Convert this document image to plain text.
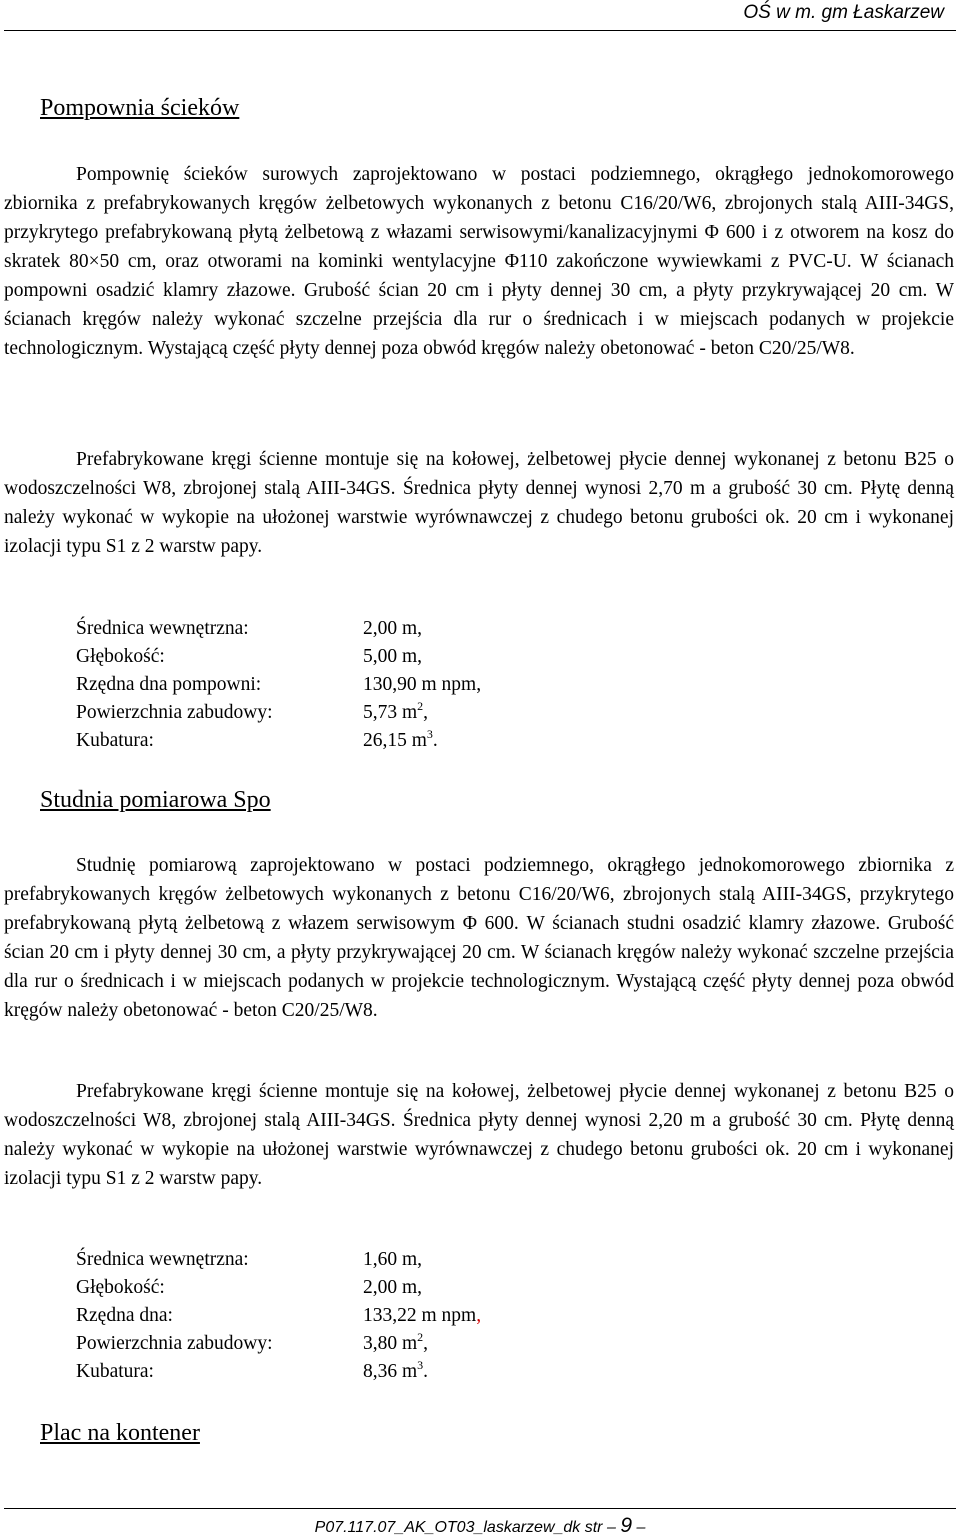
OŚ w m. gm Łaskarzew
Pompownia ścieków

Pompownię ścieków surowych zaprojektowano w postaci podziemnego, okrągłego jednokomorowego zbiornika z prefabrykowanych kręgów żelbetowych wykonanych z betonu C16/20/W6, zbrojonych stalą AIII-34GS, przykrytego prefabrykowaną płytą żelbetową z włazami serwisowymi/kanalizacyjnymi Φ 600 i z otworem na kosz do skratek 80×50 cm, oraz otworami na kominki wentylacyjne Φ110 zakończone wywiewkami z PVC-U. W ścianach pompowni osadzić klamry złazowe. Grubość ścian 20 cm i płyty dennej 30 cm, a płyty przykrywającej 20 cm. W ścianach kręgów należy wykonać szczelne przejścia dla rur o średnicach i w miejscach podanych w projekcie technologicznym. Wystającą część płyty dennej poza obwód kręgów należy obetonować - beton C20/25/W8.

Prefabrykowane kręgi ścienne montuje się na kołowej, żelbetowej płycie dennej wykonanej z betonu B25 o wodoszczelności W8, zbrojonej stalą AIII-34GS. Średnica płyty dennej wynosi 2,70 m a grubość 30 cm. Płytę denną należy wykonać w wykopie na ułożonej warstwie wyrównawczej z chudego betonu grubości ok. 20 cm i wykonanej izolacji typu S1 z 2 warstw papy.

Średnica wewnętrzna:	2,00 m,
Głębokość:	5,00 m,
Rzędna dna pompowni:	130,90 m npm,
Powierzchnia zabudowy:	5,73 $m^2$,
Kubatura:	26,15 $m^3$.
Studnia pomiarowa Spo

Studnię pomiarową zaprojektowano w postaci podziemnego, okrągłego jednokomorowego zbiornika z prefabrykowanych kręgów żelbetowych wykonanych z betonu C16/20/W6, zbrojonych stalą AIII-34GS, przykrytego prefabrykowaną płytą żelbetową z włazem serwisowym Φ 600. W ścianach studni osadzić klamry złazowe. Grubość ścian 20 cm i płyty dennej 30 cm, a płyty przykrywającej 20 cm. W ścianach kręgów należy wykonać szczelne przejścia dla rur o średnicach i w miejscach podanych w projekcie technologicznym. Wystającą część płyty dennej poza obwód kręgów należy obetonować - beton C20/25/W8.

Prefabrykowane kręgi ścienne montuje się na kołowej, żelbetowej płycie dennej wykonanej z betonu B25 o wodoszczelności W8, zbrojonej stalą AIII-34GS. Średnica płyty dennej wynosi 2,20 m a grubość 30 cm. Płytę denną należy wykonać w wykopie na ułożonej warstwie wyrównawczej z chudego betonu grubości ok. 20 cm i wykonanej izolacji typu S1 z 2 warstw papy.

Średnica wewnętrzna:	1,60 m,
Głębokość:	2,00 m,
Rzędna dna:	133,22 m npm,
Powierzchnia zabudowy:	3,80 $m^2$,
Kubatura:	8,36 $m^3$.
Plac na kontener
P07.117.07_AK_OT03_laskarzew_dk str – 9 –
